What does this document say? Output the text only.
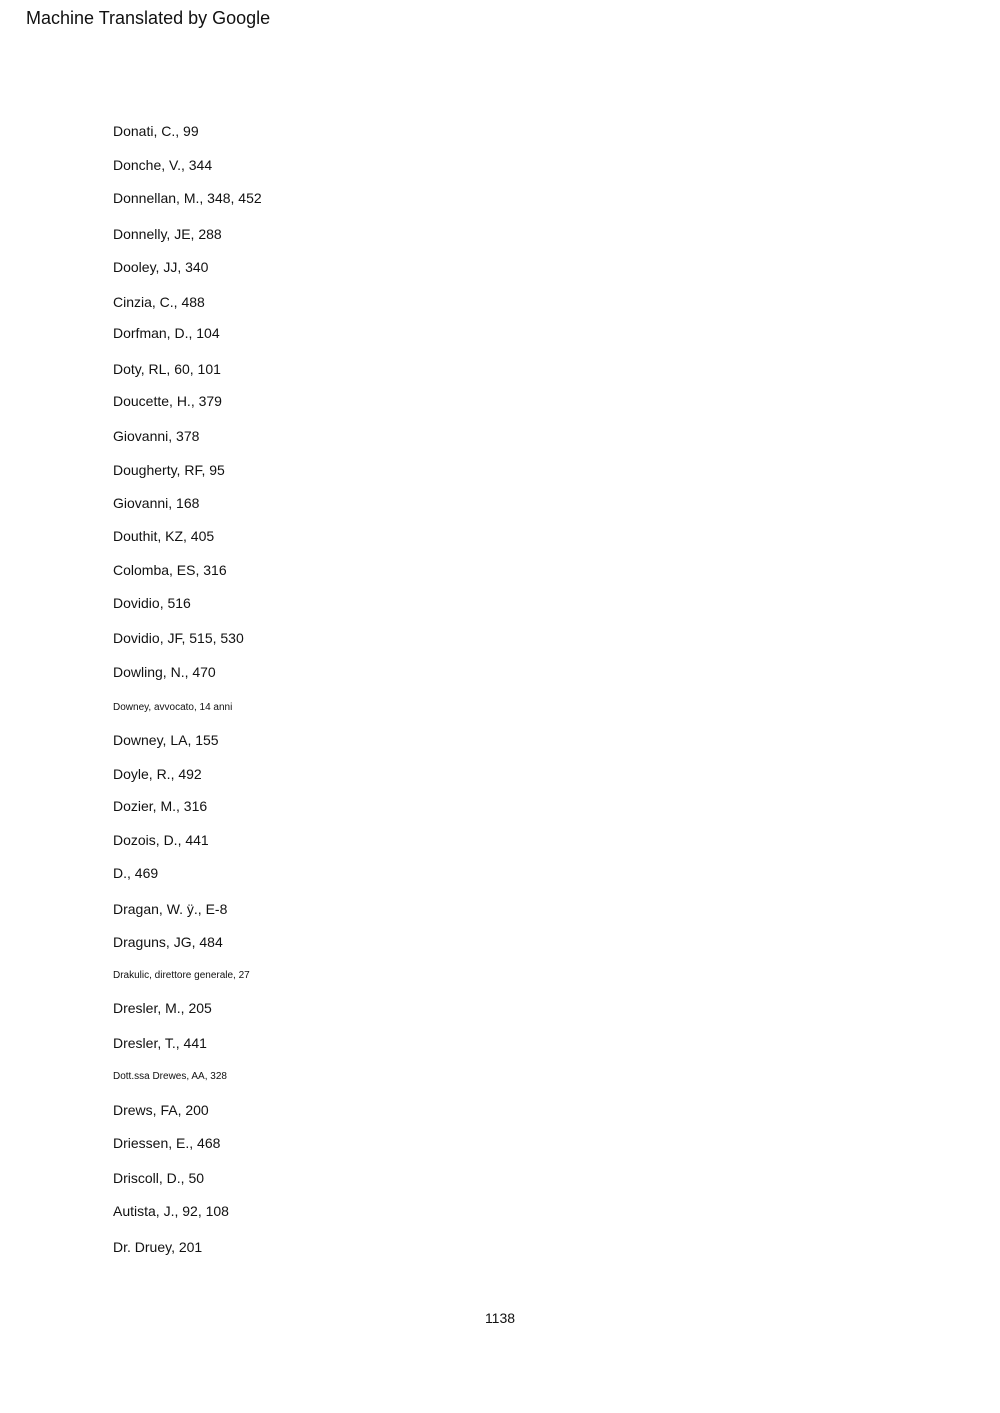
Machine Translated by Google
Donati, C., 99
Donche, V., 344
Donnellan, M., 348, 452
Donnelly, JE, 288
Dooley, JJ, 340
Cinzia, C., 488
Dorfman, D., 104
Doty, RL, 60, 101
Doucette, H., 379
Giovanni, 378
Dougherty, RF, 95
Giovanni, 168
Douthit, KZ, 405
Colomba, ES, 316
Dovidio, 516
Dovidio, JF, 515, 530
Dowling, N., 470
Downey, avvocato, 14 anni
Downey, LA, 155
Doyle, R., 492
Dozier, M., 316
Dozois, D., 441
D., 469
Dragan, W. ÿ., E-8
Draguns, JG, 484
Drakulic, direttore generale, 27
Dresler, M., 205
Dresler, T., 441
Dott.ssa Drewes, AA, 328
Drews, FA, 200
Driessen, E., 468
Driscoll, D., 50
Autista, J., 92, 108
Dr. Druey, 201
1138
